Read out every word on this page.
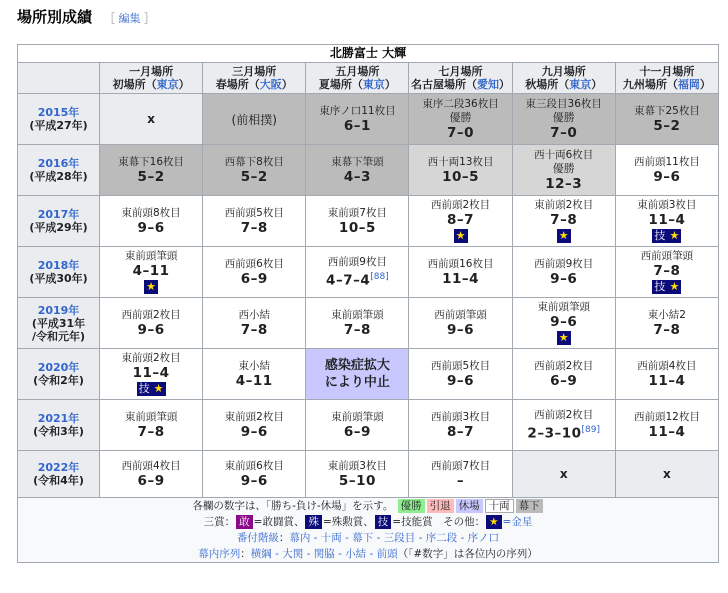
場所別成績 ［ 編集 ］
北勝富士 大輝						
	一月場所
初場所（東京）	三月場所
春場所（大阪）	五月場所
夏場所（東京）	七月場所
名古屋場所（愛知）	九月場所
秋場所（東京）	十一月場所
九州場所（福岡）
2015年
(平成27年)	x	(前相撲)	東序ノ口11枚目
6–1	東序二段36枚目
優勝
7–0	東三段目36枚目
優勝
7–0	東幕下25枚目
5–2

2016年
(平成28年)	東幕下16枚目
5–2	西幕下8枚目
5–2	東幕下筆頭
4–3	西十両13枚目
10–5	西十両6枚目
優勝
12–3	西前頭11枚目
9–6

2017年
(平成29年)	東前頭8枚目
9–6	西前頭5枚目
7–8	東前頭7枚目
10–5	西前頭2枚目
8–7
★	東前頭2枚目
7–8
★	東前頭3枚目
11–4
技 ★

2018年
(平成30年)	東前頭筆頭
4–11
★	西前頭6枚目
6–9	西前頭9枚目
4–7–4[88]	西前頭16枚目
11–4	西前頭9枚目
9–6	西前頭筆頭
7–8
技 ★

2019年
(平成31年
/令和元年)	西前頭2枚目
9–6	西小結
7–8	東前頭筆頭
7–8	西前頭筆頭
9–6	東前頭筆頭
9–6
★	東小結2
7–8

2020年
(令和2年)	東前頭2枚目
11–4
技 ★	東小結
4–11	感染症拡大
により中止	西前頭5枚目
9–6	西前頭2枚目
6–9	西前頭4枚目
11–4

2021年
(令和3年)	東前頭筆頭
7–8	東前頭2枚目
9–6	東前頭筆頭
6–9	西前頭3枚目
8–7	西前頭2枚目
2–3–10[89]	西前頭12枚目
11–4

2022年
(令和4年)	西前頭4枚目
6–9	東前頭6枚目
9–6	東前頭3枚目
5–10	西前頭7枚目
–	x	x

各欄の数字は、「勝ち-負け-休場」を示す。 優勝 引退 休場 十両 幕下
三賞： 敢 =敢闘賞、 殊 =殊勲賞、 技 =技能賞　 その他： ★ =金星
番付階級：幕内 - 十両 - 幕下 - 三段目 - 序二段 - 序ノ口
幕内序列：横綱 - 大関 - 関脇 - 小結 - 前頭（「#数字」は各位内の序列）						
